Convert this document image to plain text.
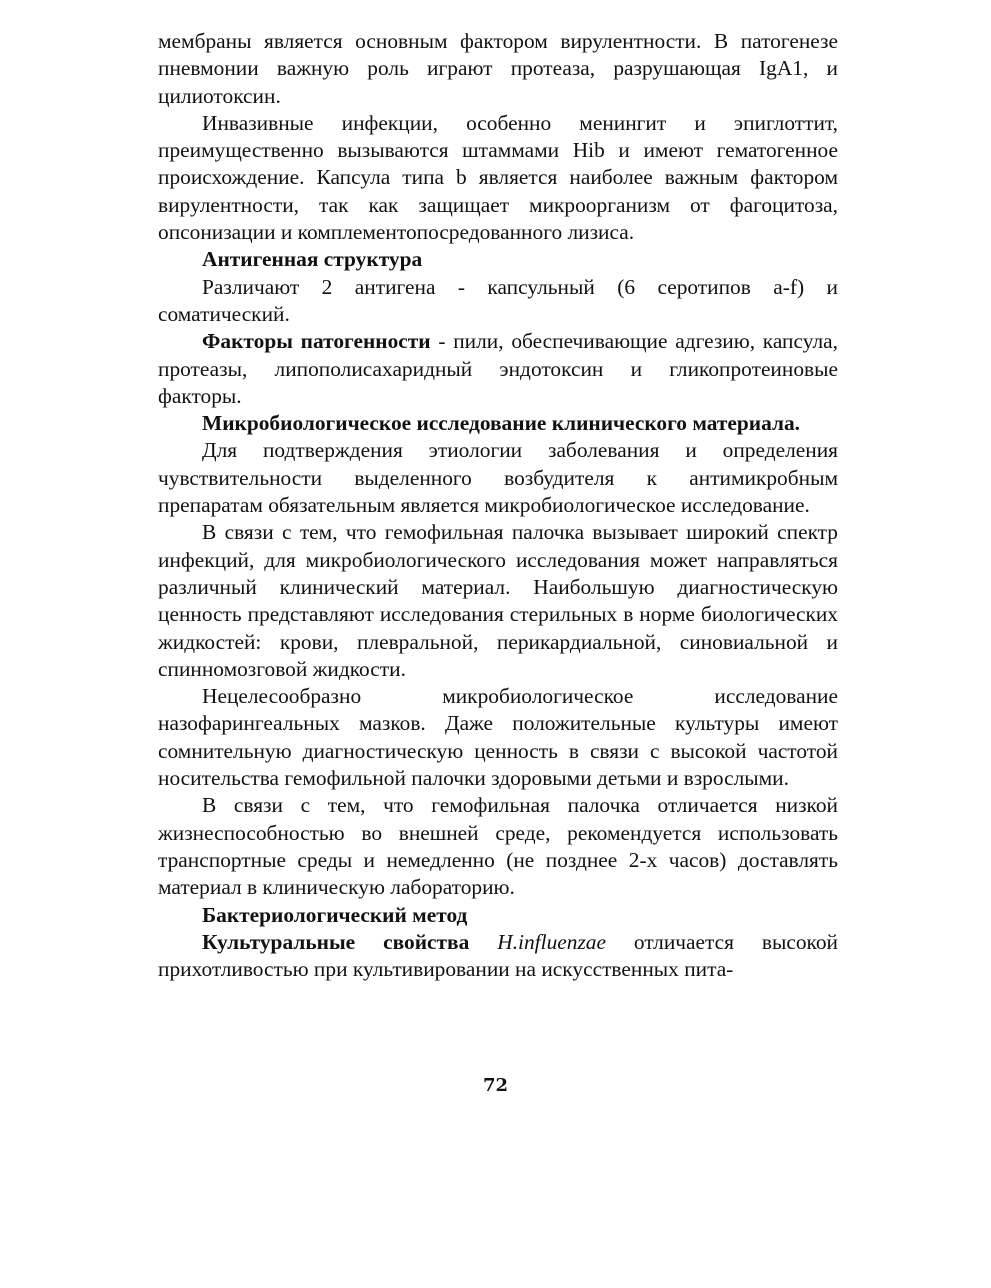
мембраны является основным фактором вирулентности. В патогенезе пневмонии важную роль играют протеаза, разрушающая IgA1, и цилиотоксин.

Инвазивные инфекции, особенно менингит и эпиглоттит, преимущественно вызываются штаммами Hib и имеют гематогенное происхождение. Капсула типа b является наиболее важным фактором вирулентности, так как защищает микроорганизм от фагоцитоза, опсонизации и комплементопосредованного лизиса.

Антигенная структура

Различают 2 антигена - капсульный (6 серотипов a-f) и соматический.

Факторы патогенности - пили, обеспечивающие адгезию, капсула, протеазы, липополисахаридный эндотоксин и гликопротеиновые факторы.

Микробиологическое исследование клинического материала.

Для подтверждения этиологии заболевания и определения чувствительности выделенного возбудителя к антимикробным препаратам обязательным является микробиологическое исследование.

В связи с тем, что гемофильная палочка вызывает широкий спектр инфекций, для микробиологического исследования может направляться различный клинический материал. Наибольшую диагностическую ценность представляют исследования стерильных в норме биологических жидкостей: крови, плевральной, перикардиальной, синовиальной и спинномозговой жидкости.

Нецелесообразно микробиологическое исследование назофарингеальных мазков. Даже положительные культуры имеют сомнительную диагностическую ценность в связи с высокой частотой носительства гемофильной палочки здоровыми детьми и взрослыми.

В связи с тем, что гемофильная палочка отличается низкой жизнеспособностью во внешней среде, рекомендуется использовать транспортные среды и немедленно (не позднее 2-х часов) доставлять материал в клиническую лабораторию.

Бактериологический метод

Культуральные свойства H.influenzae отличается высокой прихотливостью при культивировании на искусственных пита-

72
